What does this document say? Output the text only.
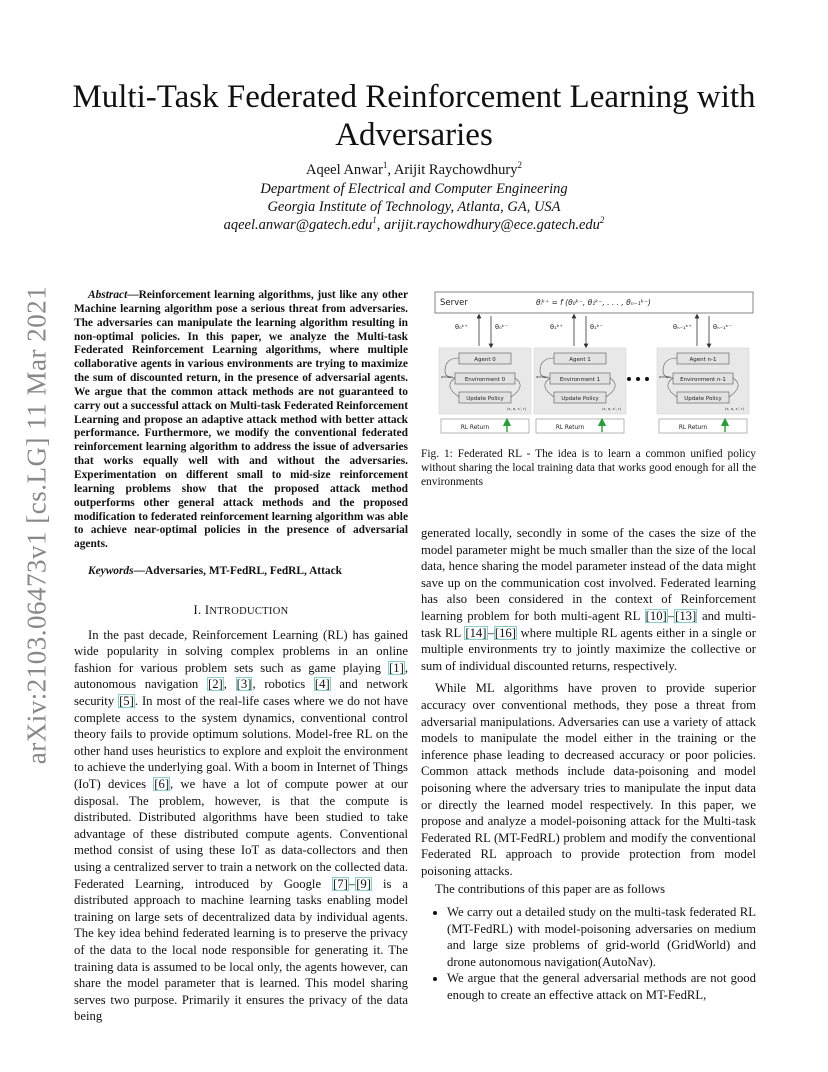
arXiv:2103.06473v1 [cs.LG] 11 Mar 2021
Multi-Task Federated Reinforcement Learning with
Adversaries
Aqeel Anwar$^1$, Arijit Raychowdhury$^2$
Department of Electrical and Computer Engineering
Georgia Institute of Technology, Atlanta, GA, USA
aqeel.anwar@gatech.edu$^1$, arijit.raychowdhury@ece.gatech.edu$^2$

Abstract—Reinforcement learning algorithms, just like any other Machine learning algorithm pose a serious threat from adversaries. The adversaries can manipulate the learning algorithm resulting in non-optimal policies. In this paper, we analyze the Multi-task Federated Reinforcement Learning algorithms, where multiple collaborative agents in various environments are trying to maximize the sum of discounted return, in the presence of adversarial agents. We argue that the common attack methods are not guaranteed to carry out a successful attack on Multi-task Federated Reinforcement Learning and propose an adaptive attack method with better attack performance. Furthermore, we modify the conventional federated reinforcement learning algorithm to address the issue of adversaries that works equally well with and without the adversaries. Experimentation on different small to mid-size reinforcement learning problems show that the proposed attack method outperforms other general attack methods and the proposed modification to federated reinforcement learning algorithm was able to achieve near-optimal policies in the presence of adversarial agents.

Keywords—Adversaries, MT-FedRL, FedRL, Attack

I. INTRODUCTION

In the past decade, Reinforcement Learning (RL) has gained wide popularity in solving complex problems in an online fashion for various problem sets such as game playing [1], autonomous navigation [2], [3], robotics [4] and network security [5]. In most of the real-life cases where we do not have complete access to the system dynamics, conventional control theory fails to provide optimum solutions. Model-free RL on the other hand uses heuristics to explore and exploit the environment to achieve the underlying goal. With a boom in Internet of Things (IoT) devices [6], we have a lot of compute power at our disposal. The problem, however, is that the compute is distributed. Distributed algorithms have been studied to take advantage of these distributed compute agents. Conventional method consist of using these IoT as data-collectors and then using a centralized server to train a network on the collected data. Federated Learning, introduced by Google [7]–[9] is a distributed approach to machine learning tasks enabling model training on large sets of decentralized data by individual agents. The key idea behind federated learning is to preserve the privacy of the data to the local node responsible for generating it. The training data is assumed to be local only, the agents however, can share the model parameter that is learned. This model sharing serves two purpose. Primarily it ensures the privacy of the data being

Server	θᵢᵏ⁺ = f (θ₀ᵏ⁻, θ₁ᵏ⁻, . . . , θₙ₋₁ᵏ⁻)
θ₀ᵏ⁺	θ₀ᵏ⁻	θ₁ᵏ⁺	θ₁ᵏ⁻	θₙ₋₁ᵏ⁺	θₙ₋₁ᵏ⁻
Agent 0
Environment 0
Update Policy
action
(s, a, s', r)
RL Return
Agent 1
Environment 1
Update Policy
action
(s, a, s', r)
RL Return
Agent n-1
Environment n-1
Update Policy
action
(s, a, s', r)
RL Return
Fig. 1: Federated RL - The idea is to learn a common unified policy without sharing the local training data that works good enough for all the environments

generated locally, secondly in some of the cases the size of the model parameter might be much smaller than the size of the local data, hence sharing the model parameter instead of the data might save up on the communication cost involved. Federated learning has also been considered in the context of Reinforcement learning problem for both multi-agent RL [10]–[13] and multi-task RL [14]–[16] where multiple RL agents either in a single or multiple environments try to jointly maximize the collective or sum of individual discounted returns, respectively.

While ML algorithms have proven to provide superior accuracy over conventional methods, they pose a threat from adversarial manipulations. Adversaries can use a variety of attack models to manipulate the model either in the training or the inference phase leading to decreased accuracy or poor policies. Common attack methods include data-poisoning and model poisoning where the adversary tries to manipulate the input data or directly the learned model respectively. In this paper, we propose and analyze a model-poisoning attack for the Multi-task Federated RL (MT-FedRL) problem and modify the conventional Federated RL approach to provide protection from model poisoning attacks.

The contributions of this paper are as follows

• We carry out a detailed study on the multi-task federated RL (MT-FedRL) with model-poisoning adversaries on medium and large size problems of grid-world (GridWorld) and drone autonomous navigation(AutoNav).
• We argue that the general adversarial methods are not good enough to create an effective attack on MT-FedRL,
